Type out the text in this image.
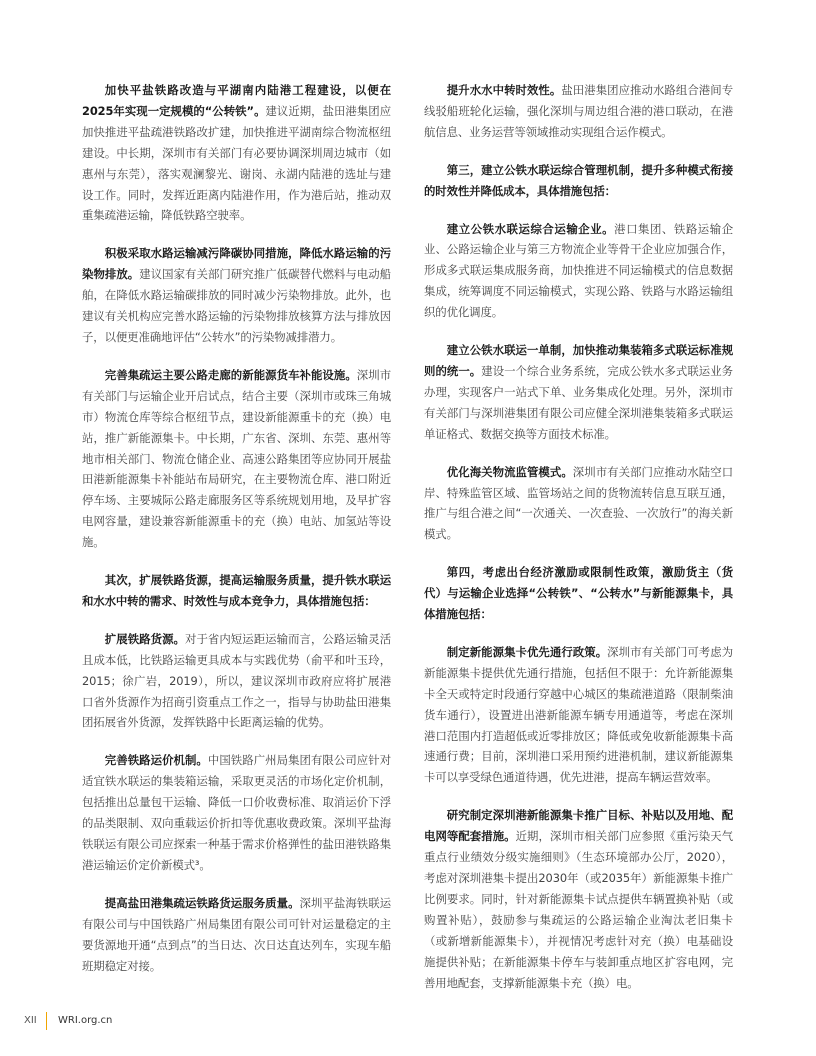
加快平盐铁路改造与平湖南内陆港工程建设，以便在2025年实现一定规模的“公转铁”。建议近期，盐田港集团应加快推进平盐疏港铁路改扩建，加快推进平湖南综合物流枢纽建设。中长期，深圳市有关部门有必要协调深圳周边城市（如惠州与东莞），落实观澜黎光、谢岗、永湖内陆港的选址与建设工作。同时，发挥近距离内陆港作用，作为港后站，推动双重集疏港运输，降低铁路空驶率。

积极采取水路运输减污降碳协同措施，降低水路运输的污染物排放。建议国家有关部门研究推广低碳替代燃料与电动船舶，在降低水路运输碳排放的同时减少污染物排放。此外，也建议有关机构应完善水路运输的污染物排放核算方法与排放因子，以便更准确地评估“公转水”的污染物减排潜力。

完善集疏运主要公路走廊的新能源货车补能设施。深圳市有关部门与运输企业开启试点，结合主要（深圳市或珠三角城市）物流仓库等综合枢纽节点，建设新能源重卡的充（换）电站，推广新能源集卡。中长期，广东省、深圳、东莞、惠州等地市相关部门、物流仓储企业、高速公路集团等应协同开展盐田港新能源集卡补能站布局研究，在主要物流仓库、港口附近停车场、主要城际公路走廊服务区等系统规划用地，及早扩容电网容量，建设兼容新能源重卡的充（换）电站、加氢站等设施。

其次，扩展铁路货源，提高运输服务质量，提升铁水联运和水水中转的需求、时效性与成本竞争力，具体措施包括：

扩展铁路货源。对于省内短运距运输而言，公路运输灵活且成本低，比铁路运输更具成本与实践优势（俞平和叶玉玲，2015；徐广岩，2019），所以，建议深圳市政府应将扩展港口省外货源作为招商引资重点工作之一，指导与协助盐田港集团拓展省外货源，发挥铁路中长距离运输的优势。

完善铁路运价机制。中国铁路广州局集团有限公司应针对适宜铁水联运的集装箱运输，采取更灵活的市场化定价机制，包括推出总量包干运输、降低一口价收费标准、取消运价下浮的品类限制、双向重载运价折扣等优惠收费政策。深圳平盐海铁联运有限公司应探索一种基于需求价格弹性的盐田港铁路集港运输运价定价新模式³。

提高盐田港集疏运铁路货运服务质量。深圳平盐海铁联运有限公司与中国铁路广州局集团有限公司可针对运量稳定的主要货源地开通“点到点”的当日达、次日达直达列车，实现车船班期稳定对接。

提升水水中转时效性。盐田港集团应推动水路组合港间专线驳船班轮化运输，强化深圳与周边组合港的港口联动，在港航信息、业务运营等领域推动实现组合运作模式。

第三，建立公铁水联运综合管理机制，提升多种模式衔接的时效性并降低成本，具体措施包括：

建立公铁水联运综合运输企业。港口集团、铁路运输企业、公路运输企业与第三方物流企业等骨干企业应加强合作，形成多式联运集成服务商，加快推进不同运输模式的信息数据集成，统筹调度不同运输模式，实现公路、铁路与水路运输组织的优化调度。

建立公铁水联运一单制，加快推动集装箱多式联运标准规则的统一。建设一个综合业务系统，完成公铁水多式联运业务办理，实现客户一站式下单、业务集成化处理。另外，深圳市有关部门与深圳港集团有限公司应健全深圳港集装箱多式联运单证格式、数据交换等方面技术标准。

优化海关物流监管模式。深圳市有关部门应推动水陆空口岸、特殊监管区域、监管场站之间的货物流转信息互联互通，推广与组合港之间“一次通关、一次查验、一次放行”的海关新模式。

第四，考虑出台经济激励或限制性政策，激励货主（货代）与运输企业选择“公转铁”、“公转水”与新能源集卡，具体措施包括：

制定新能源集卡优先通行政策。深圳市有关部门可考虑为新能源集卡提供优先通行措施，包括但不限于：允许新能源集卡全天或特定时段通行穿越中心城区的集疏港道路（限制柴油货车通行），设置进出港新能源车辆专用通道等，考虑在深圳港口范围内打造超低或近零排放区；降低或免收新能源集卡高速通行费；目前，深圳港口采用预约进港机制，建议新能源集卡可以享受绿色通道待遇，优先进港，提高车辆运营效率。

研究制定深圳港新能源集卡推广目标、补贴以及用地、配电网等配套措施。近期，深圳市相关部门应参照《重污染天气重点行业绩效分级实施细则》（生态环境部办公厅，2020），考虑对深圳港集卡提出2030年（或2035年）新能源集卡推广比例要求。同时，针对新能源集卡试点提供车辆置换补贴（或购置补贴），鼓励参与集疏运的公路运输企业淘汰老旧集卡（或新增新能源集卡），并视情况考虑针对充（换）电基础设施提供补贴；在新能源集卡停车与装卸重点地区扩容电网，完善用地配套，支撑新能源集卡充（换）电。

XII WRI.org.cn
